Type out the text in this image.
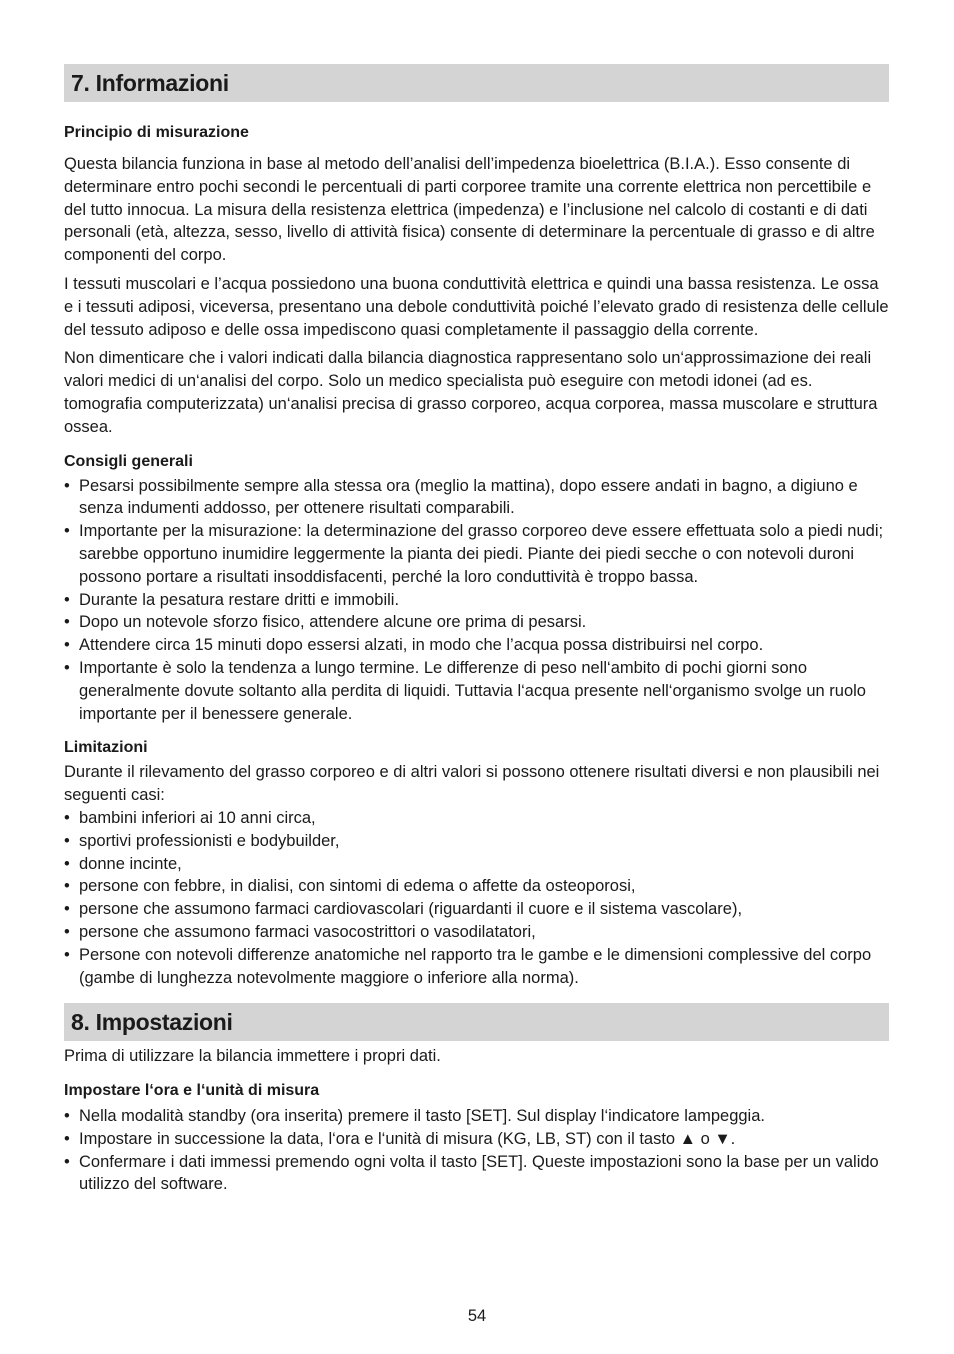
7. Informazioni
Principio di misurazione

Questa bilancia funziona in base al metodo dell’analisi dell’impedenza bioelettrica (B.I.A.). Esso consente di determinare entro pochi secondi le percentuali di parti corporee tramite una corrente elettrica non percettibile e del tutto innocua. La misura della resistenza elettrica (impedenza) e l’inclusione nel calcolo di costanti e di dati personali (età, altezza, sesso, livello di attività fisica) consente di determinare la percentuale di grasso e di altre componenti del corpo.

I tessuti muscolari e l’acqua possiedono una buona conduttività elettrica e quindi una bassa resistenza. Le ossa e i tessuti adiposi, viceversa, presentano una debole conduttività poiché l’elevato grado di resistenza delle cellule del tessuto adiposo e delle ossa impediscono quasi completamente il passaggio della corrente.

Non dimenticare che i valori indicati dalla bilancia diagnostica rappresentano solo un‘approssimazione dei reali valori medici di un‘analisi del corpo. Solo un medico specialista può eseguire con metodi idonei (ad es. tomografia computerizzata) un‘analisi precisa di grasso corporeo, acqua corporea, massa muscolare e struttura ossea.

Consigli generali
• Pesarsi possibilmente sempre alla stessa ora (meglio la mattina), dopo essere andati in bagno, a digiuno e senza indumenti addosso, per ottenere risultati comparabili.
• Importante per la misurazione: la determinazione del grasso corporeo deve essere effettuata solo a piedi nudi; sarebbe opportuno inumidire leggermente la pianta dei piedi. Piante dei piedi secche o con notevoli duroni possono portare a risultati insoddisfacenti, perché la loro conduttività è troppo bassa.
• Durante la pesatura restare dritti e immobili.
• Dopo un notevole sforzo fisico, attendere alcune ore prima di pesarsi.
• Attendere circa 15 minuti dopo essersi alzati, in modo che l’acqua possa distribuirsi nel corpo.
• Importante è solo la tendenza a lungo termine. Le differenze di peso nell‘ambito di pochi giorni sono generalmente dovute soltanto alla perdita di liquidi. Tuttavia l‘acqua presente nell‘organismo svolge un ruolo importante per il benessere generale.
Limitazioni

Durante il rilevamento del grasso corporeo e di altri valori si possono ottenere risultati diversi e non plausibili nei seguenti casi:

• bambini inferiori ai 10 anni circa,
• sportivi professionisti e bodybuilder,
• donne incinte,
• persone con febbre, in dialisi, con sintomi di edema o affette da osteoporosi,
• persone che assumono farmaci cardiovascolari (riguardanti il cuore e il sistema vascolare),
• persone che assumono farmaci vasocostrittori o vasodilatatori,
• Persone con notevoli differenze anatomiche nel rapporto tra le gambe e le dimensioni complessive del corpo (gambe di lunghezza notevolmente maggiore o inferiore alla norma).
8. Impostazioni

Prima di utilizzare la bilancia immettere i propri dati.

Impostare l‘ora e l‘unità di misura
• Nella modalità standby (ora inserita) premere il tasto [SET]. Sul display l‘indicatore lampeggia.
• Impostare in successione la data, l‘ora e l‘unità di misura (KG, LB, ST) con il tasto ▲ o ▼.
• Confermare i dati immessi premendo ogni volta il tasto [SET]. Queste impostazioni sono la base per un valido utilizzo del software.
54
